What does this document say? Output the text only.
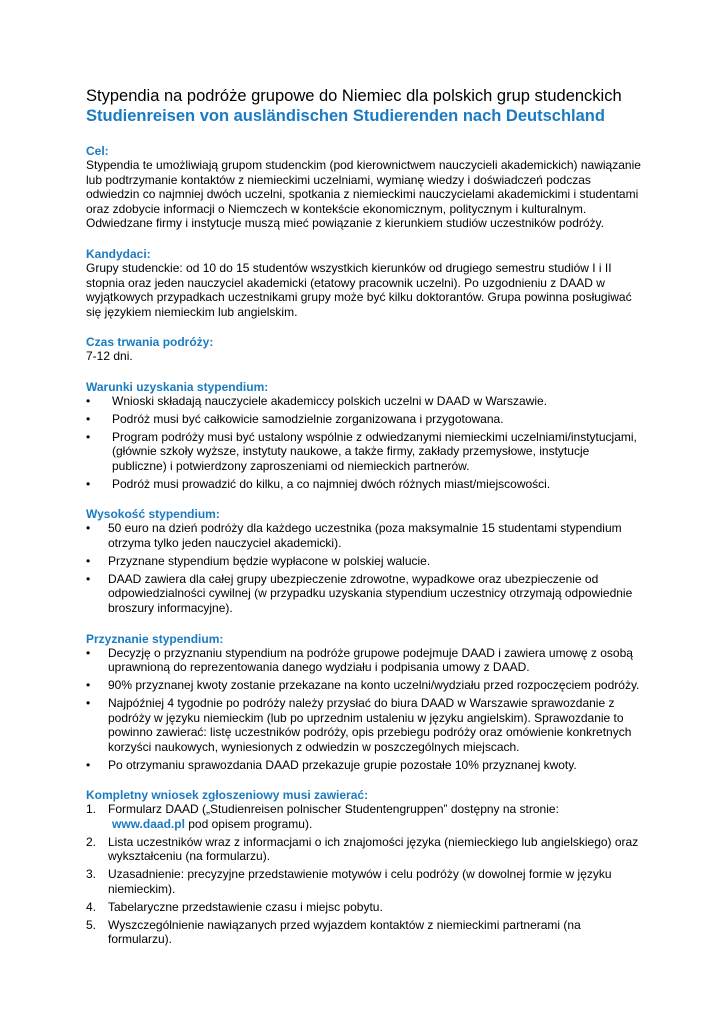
Stypendia na podróże grupowe do Niemiec dla polskich grup studenckich
Studienreisen von ausländischen Studierenden nach Deutschland

Cel:

Stypendia te umożliwiają grupom studenckim (pod kierownictwem nauczycieli akademickich) nawiązanie lub podtrzymanie kontaktów z niemieckimi uczelniami, wymianę wiedzy i doświadczeń podczas odwiedzin co najmniej dwóch uczelni, spotkania z niemieckimi nauczycielami akademickimi i studentami oraz zdobycie informacji o Niemczech w kontekście ekonomicznym, politycznym i kulturalnym. Odwiedzane firmy i instytucje muszą mieć powiązanie z kierunkiem studiów uczestników podróży.

Kandydaci:

Grupy studenckie: od 10 do 15 studentów wszystkich kierunków od drugiego semestru studiów I i II stopnia oraz jeden nauczyciel akademicki (etatowy pracownik uczelni). Po uzgodnieniu z DAAD w wyjątkowych przypadkach uczestnikami grupy może być kilku doktorantów. Grupa powinna posługiwać się językiem niemieckim lub angielskim.

Czas trwania podróży:

7-12 dni.

Warunki uzyskania stypendium:

• Wnioski składają nauczyciele akademiccy polskich uczelni w DAAD w Warszawie.
• Podróż musi być całkowicie samodzielnie zorganizowana i przygotowana.
• Program podróży musi być ustalony wspólnie z odwiedzanymi niemieckimi uczelniami/instytucjami, (głównie szkoły wyższe, instytuty naukowe, a także firmy, zakłady przemysłowe, instytucje publiczne) i potwierdzony zaproszeniami od niemieckich partnerów.
• Podróż musi prowadzić do kilku, a co najmniej dwóch różnych miast/miejscowości.

Wysokość stypendium:

• 50 euro na dzień podróży dla każdego uczestnika (poza maksymalnie 15 studentami stypendium otrzyma tylko jeden nauczyciel akademicki).
• Przyznane stypendium będzie wypłacone w polskiej walucie.
• DAAD zawiera dla całej grupy ubezpieczenie zdrowotne, wypadkowe oraz ubezpieczenie od odpowiedzialności cywilnej (w przypadku uzyskania stypendium uczestnicy otrzymają odpowiednie broszury informacyjne).

Przyznanie stypendium:

• Decyzję o przyznaniu stypendium na podróże grupowe podejmuje DAAD i zawiera umowę z osobą uprawnioną do reprezentowania danego wydziału i podpisania umowy z DAAD.
• 90% przyznanej kwoty zostanie przekazane na konto uczelni/wydziału przed rozpoczęciem podróży.
• Najpóźniej 4 tygodnie po podróży należy przysłać do biura DAAD w Warszawie sprawozdanie z podróży w języku niemieckim (lub po uprzednim ustaleniu w języku angielskim). Sprawozdanie to powinno zawierać: listę uczestników podróży, opis przebiegu podróży oraz omówienie konkretnych korzyści naukowych, wyniesionych z odwiedzin w poszczególnych miejscach.
• Po otrzymaniu sprawozdania DAAD przekazuje grupie pozostałe 10% przyznanej kwoty.

Kompletny wniosek zgłoszeniowy musi zawierać:

1. Formularz DAAD („Studienreisen polnischer Studentengruppen” dostępny na stronie:
www.daad.pl pod opisem programu).
2. Lista uczestników wraz z informacjami o ich znajomości języka (niemieckiego lub angielskiego) oraz wykształceniu (na formularzu).
3. Uzasadnienie: precyzyjne przedstawienie motywów i celu podróży (w dowolnej formie w języku niemieckim).
4. Tabelaryczne przedstawienie czasu i miejsc pobytu.
5. Wyszczególnienie nawiązanych przed wyjazdem kontaktów z niemieckimi partnerami (na formularzu).
